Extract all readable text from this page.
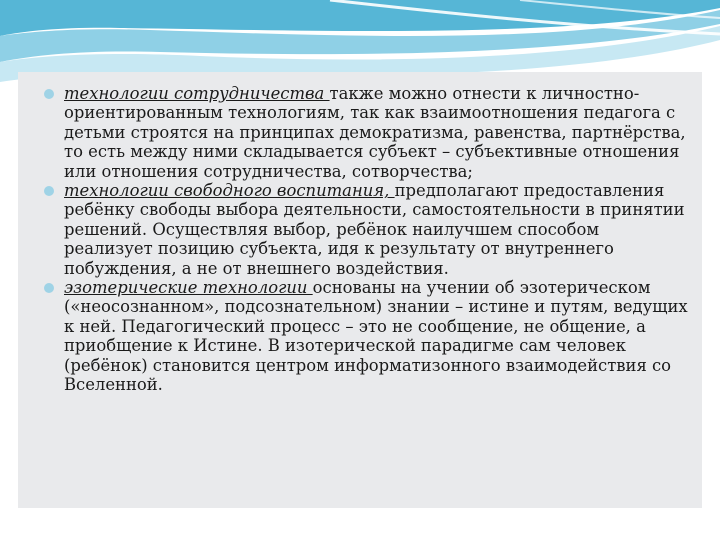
технологии сотрудничества также можно отнести к личностно-ориентированным технологиям, так как взаимоотношения педагога с детьми строятся на принципах демократизма, равенства, партнёрства, то есть между ними складывается субъект – субъективные отношения или отношения сотрудничества, сотворчества;
технологии свободного воспитания, предполагают предоставления ребёнку свободы выбора деятельности, самостоятельности в принятии решений. Осуществляя выбор, ребёнок наилучшем способом реализует позицию субъекта, идя к результату от внутреннего побуждения, а не от внешнего воздействия.
эзотерические технологии основаны на учении об эзотерическом («неосознанном», подсознательном) знании – истине и путям, ведущих к ней. Педагогический процесс – это не сообщение, не общение, а приобщение к Истине. В изотерической парадигме сам человек (ребёнок) становится центром информатизонного взаимодействия со Вселенной.
